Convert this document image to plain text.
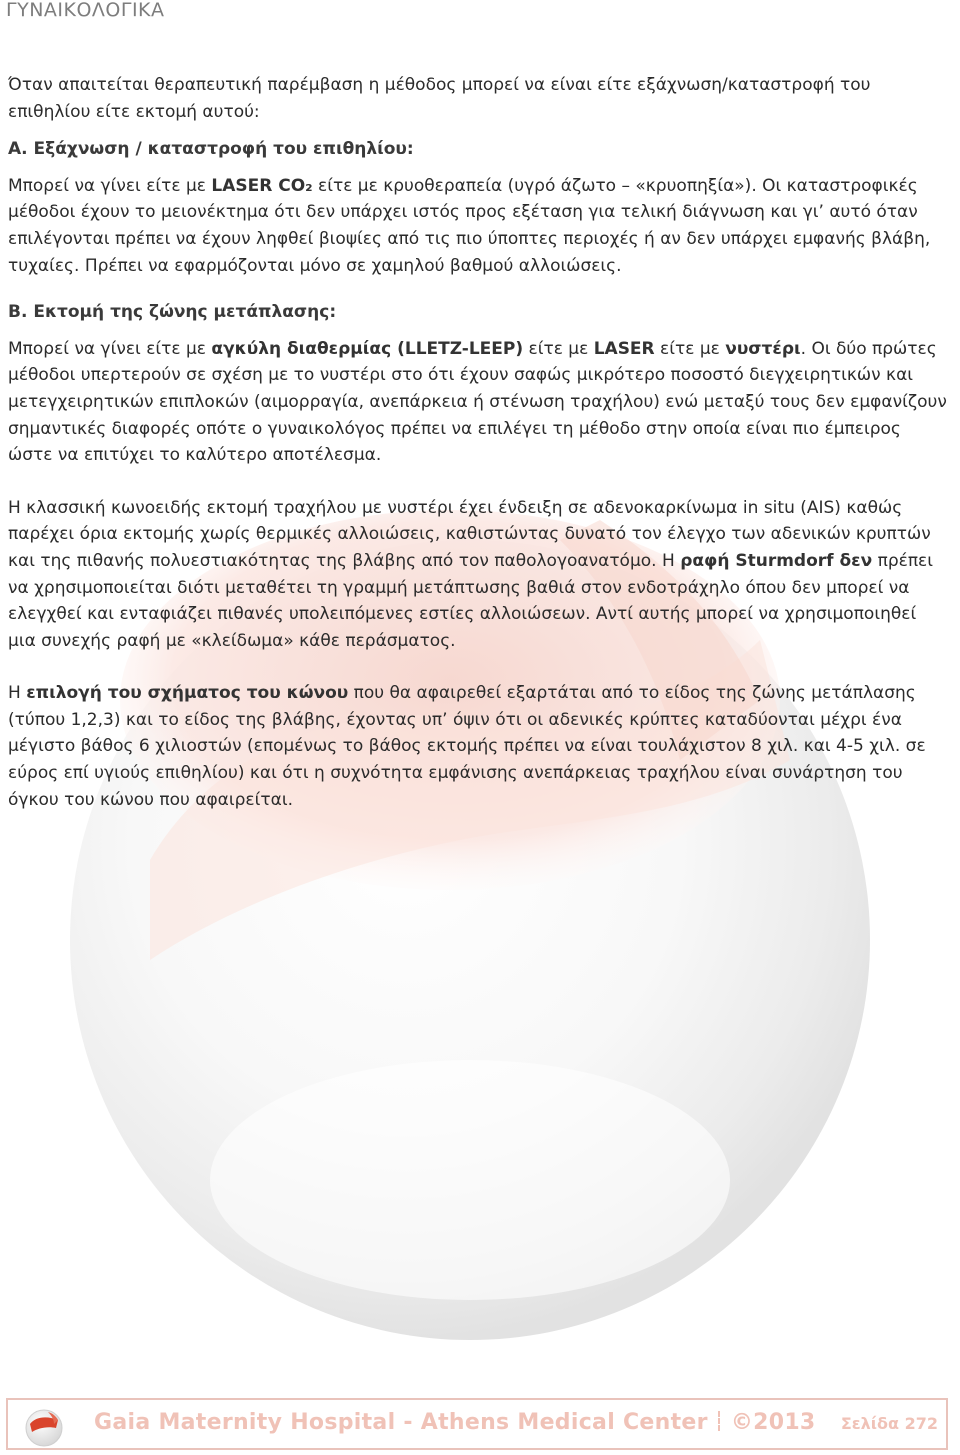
ΓΥΝΑΙΚΟΛΟΓΙΚΑ

Όταν απαιτείται θεραπευτική παρέμβαση η μέθοδος μπορεί να είναι είτε εξάχνωση/καταστροφή του επιθηλίου είτε εκτομή αυτού:

Α. Εξάχνωση / καταστροφή του επιθηλίου:

Μπορεί να γίνει είτε με LASER CO₂ είτε με κρυοθεραπεία (υγρό άζωτο – «κρυοπηξία»). Οι καταστροφικές μέθοδοι έχουν το μειονέκτημα ότι δεν υπάρχει ιστός προς εξέταση για τελική διάγνωση και γι’ αυτό όταν επιλέγονται πρέπει να έχουν ληφθεί βιοψίες από τις πιο ύποπτες περιοχές ή αν δεν υπάρχει εμφανής βλάβη, τυχαίες. Πρέπει να εφαρμόζονται μόνο σε χαμηλού βαθμού αλλοιώσεις.

Β. Εκτομή της ζώνης μετάπλασης:

Μπορεί να γίνει είτε με αγκύλη διαθερμίας (LLETZ-LEEP) είτε με LASER είτε με νυστέρι. Οι δύο πρώτες μέθοδοι υπερτερούν σε σχέση με το νυστέρι στο ότι έχουν σαφώς μικρότερο ποσοστό διεγχειρητικών και μετεγχειρητικών επιπλοκών (αιμορραγία, ανεπάρκεια ή στένωση τραχήλου) ενώ μεταξύ τους δεν εμφανίζουν σημαντικές διαφορές οπότε ο γυναικολόγος πρέπει να επιλέγει τη μέθοδο στην οποία είναι πιο έμπειρος ώστε να επιτύχει το καλύτερο αποτέλεσμα.

Η κλασσική κωνοειδής εκτομή τραχήλου με νυστέρι έχει ένδειξη σε αδενοκαρκίνωμα in situ (AIS) καθώς παρέχει όρια εκτομής χωρίς θερμικές αλλοιώσεις, καθιστώντας δυνατό τον έλεγχο των αδενικών κρυπτών και της πιθανής πολυεστιακότητας της βλάβης από τον παθολογοανατόμο. Η ραφή Sturmdorf δεν πρέπει να χρησιμοποιείται διότι μεταθέτει τη γραμμή μετάπτωσης βαθιά στον ενδοτράχηλο όπου δεν μπορεί να ελεγχθεί και ενταφιάζει πιθανές υπολειπόμενες εστίες αλλοιώσεων. Αντί αυτής μπορεί να χρησιμοποιηθεί μια συνεχής ραφή με «κλείδωμα» κάθε περάσματος.

Η επιλογή του σχήματος του κώνου που θα αφαιρεθεί εξαρτάται από το είδος της ζώνης μετάπλασης (τύπου 1,2,3) και το είδος της βλάβης, έχοντας υπ’ όψιν ότι οι αδενικές κρύπτες καταδύονται μέχρι ένα μέγιστο βάθος 6 χιλιοστών (επομένως το βάθος εκτομής πρέπει να είναι τουλάχιστον 8 χιλ. και 4-5 χιλ. σε εύρος επί υγιούς επιθηλίου) και ότι η συχνότητα εμφάνισης ανεπάρκειας τραχήλου είναι συνάρτηση του όγκου του κώνου που αφαιρείται.

Gaia Maternity Hospital - Athens Medical Center ©2013 Σελίδα 272
